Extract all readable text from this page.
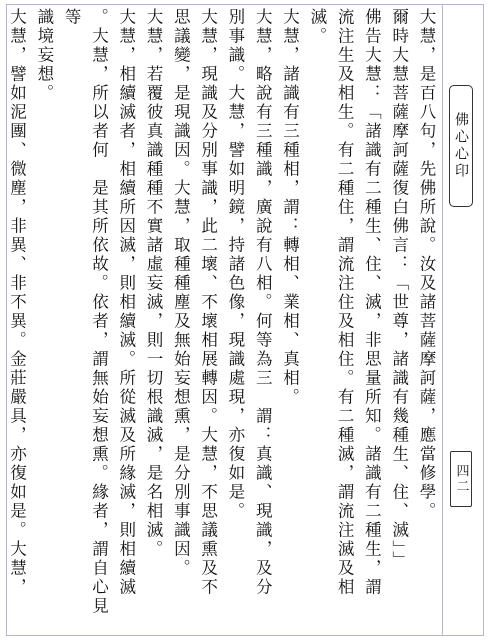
大慧，是百八句，先佛所說。汝及諸菩薩摩訶薩，應當修學。

爾時大慧菩薩摩訶薩復白佛言：「世尊，諸識有幾種生、住、滅」」

佛告大慧：「諸識有二種生、住、滅，非思量所知。諸識有二種生，謂

流注生及相生。有二種住，謂流注住及相住。有二種滅，謂流注滅及相滅。

大慧，諸識有三種相，謂：轉相、業相、真相。

大慧，略說有三種識，廣說有八相。何等為三　謂：真識、現識，及分

別事識。大慧，譬如明鏡，持諸色像，現識處現，亦復如是。

大慧，現識及分別事識，此二壞、不壞相展轉因。大慧，不思議熏及不

思議變，是現識因。大慧，取種種塵及無始妄想熏，是分別事識因。

大慧，若覆彼真識種種不實諸虛妄滅，則一切根識滅，是名相滅。

大慧，相續滅者，相續所因滅，則相續滅。所從滅及所緣滅，則相續滅

。大慧，所以者何　是其所依故。依者，謂無始妄想熏。緣者，謂自心見等

識境妄想。

大慧，譬如泥團、微塵，非異、非不異。金莊嚴具，亦復如是。大慧，	佛心心印
四二
